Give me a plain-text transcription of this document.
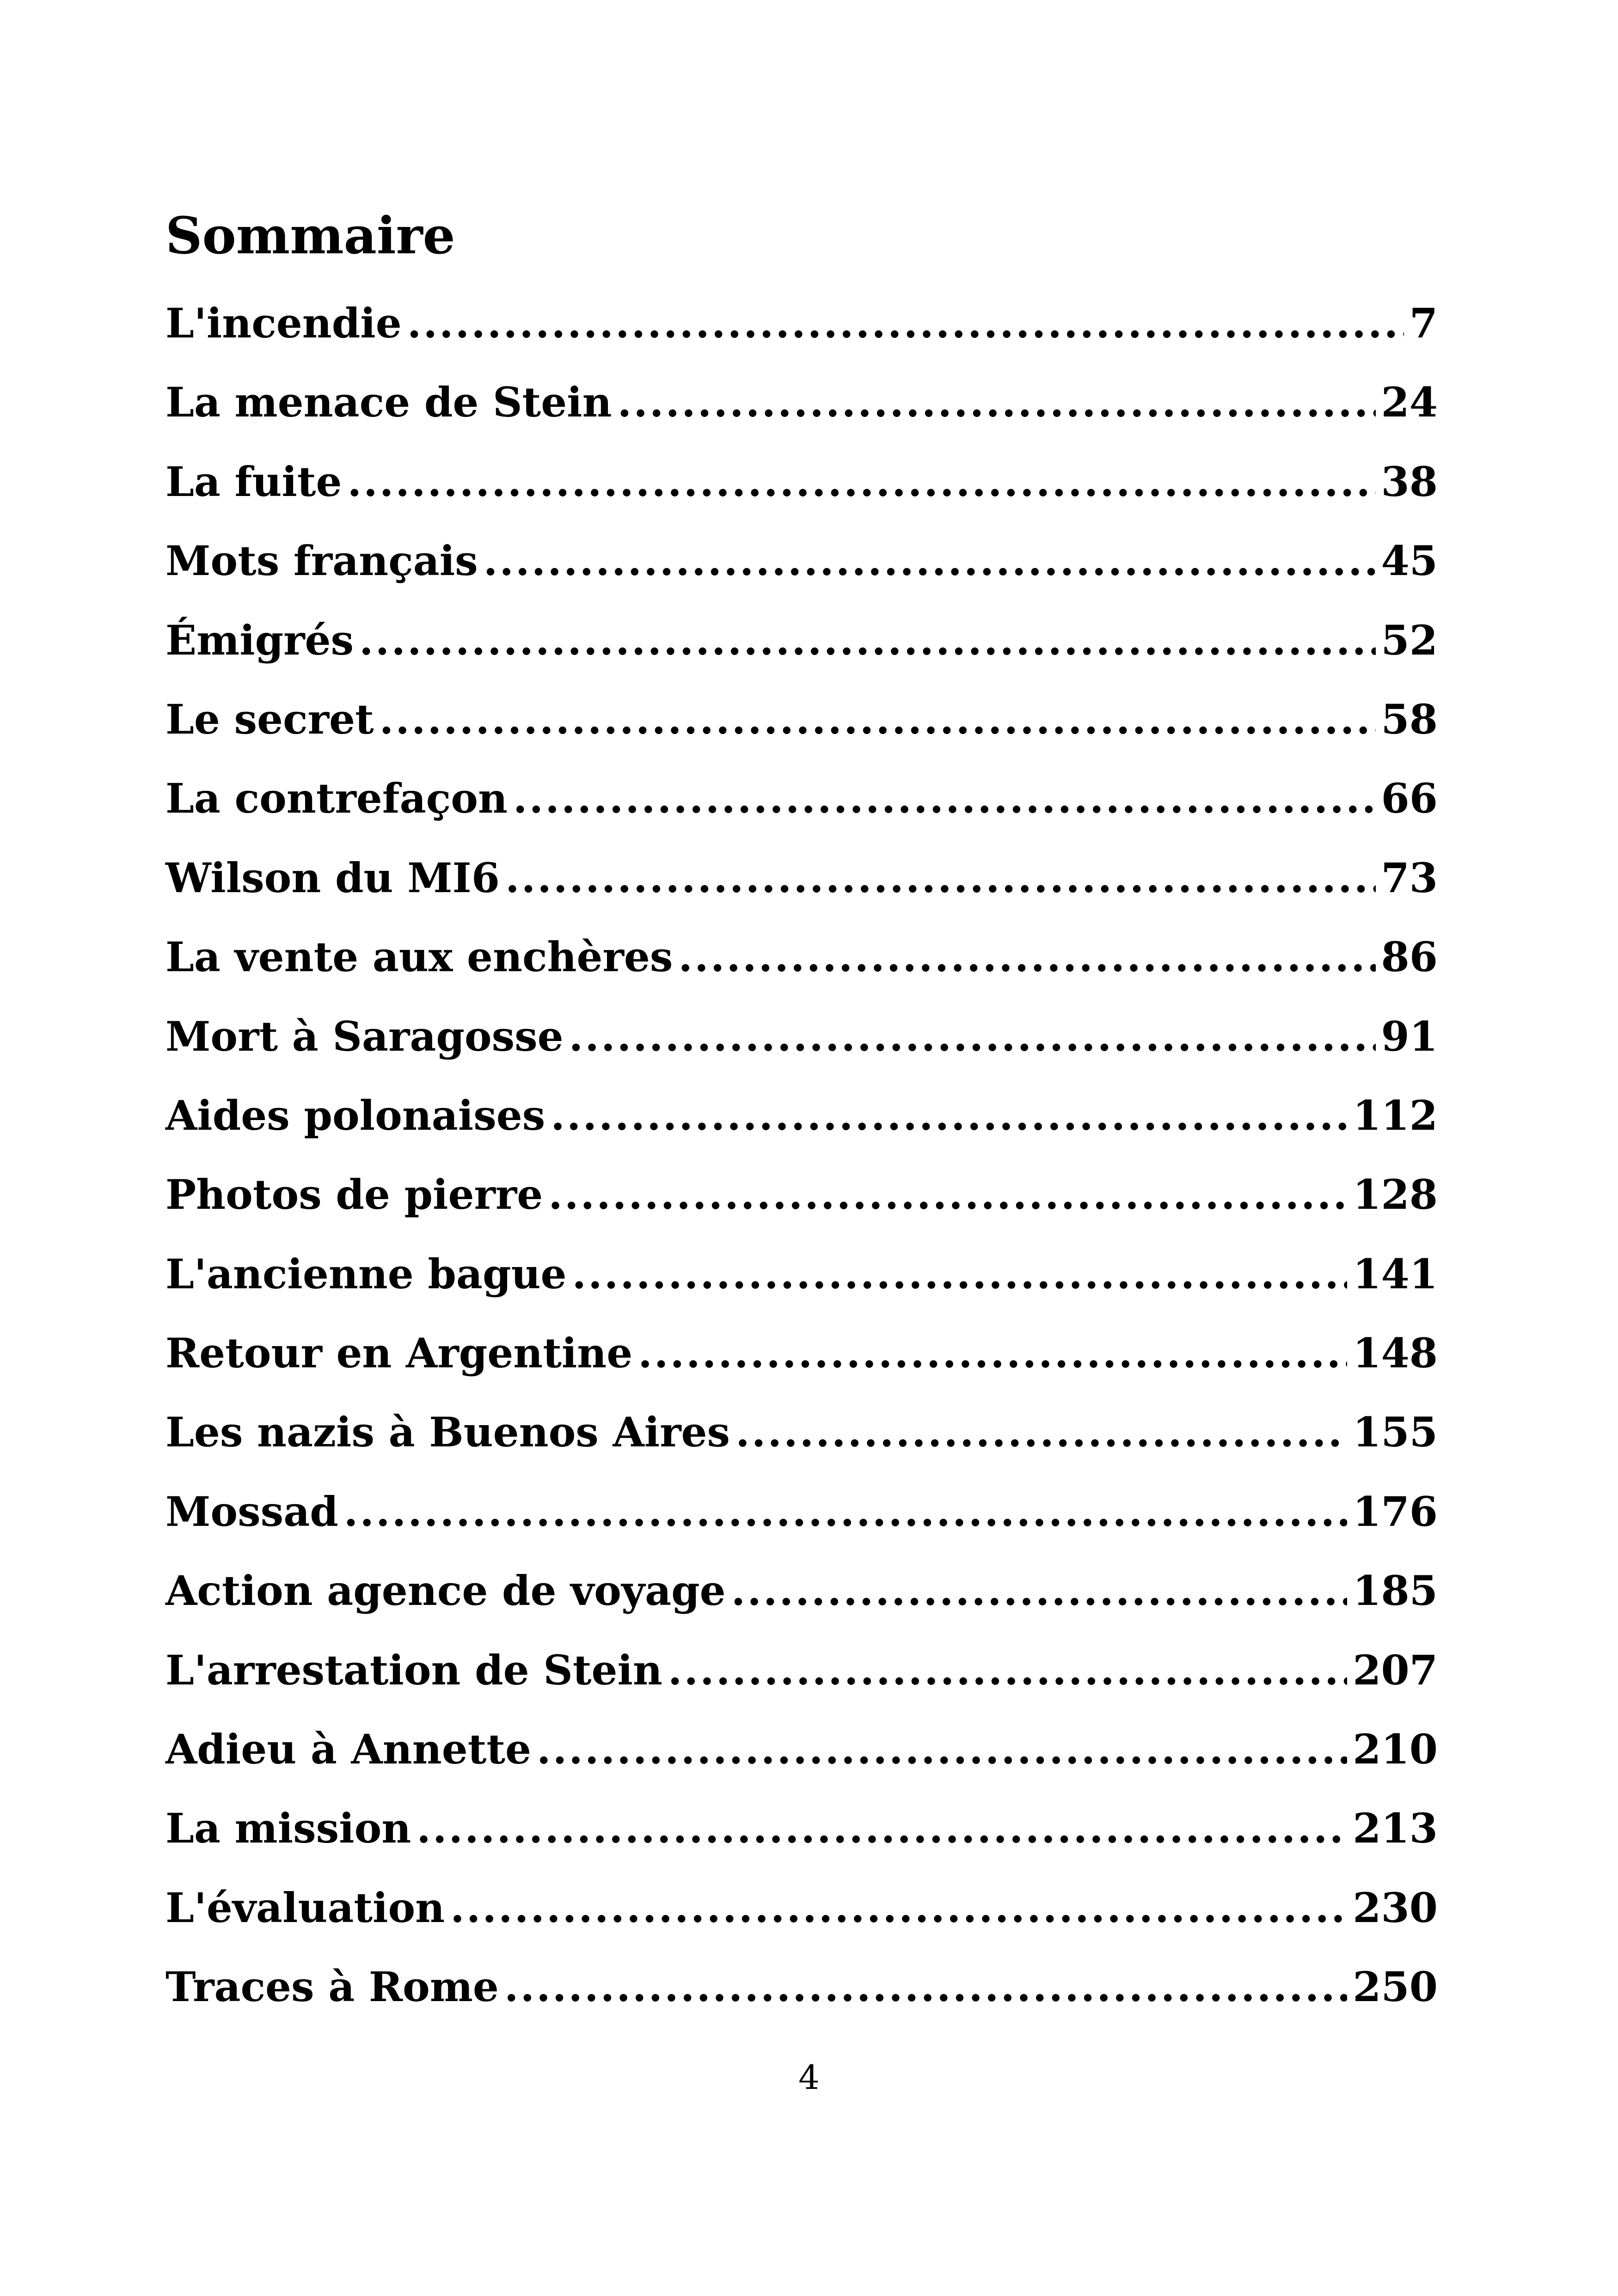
Sommaire
L'incendie .....	7
La menace de Stein .....	24
La fuite .....	38
Mots français .....	45
Émigrés .....	52
Le secret .....	58
La contrefaçon .....	66
Wilson du MI6 .....	73
La vente aux enchères .....	86
Mort à Saragosse .....	91
Aides polonaises .....	112
Photos de pierre .....	128
L'ancienne bague .....	141
Retour en Argentine .....	148
Les nazis à Buenos Aires .....	155
Mossad .....	176
Action agence de voyage .....	185
L'arrestation de Stein .....	207
Adieu à Annette .....	210
La mission .....	213
L'évaluation .....	230
Traces à Rome .....	250
4
